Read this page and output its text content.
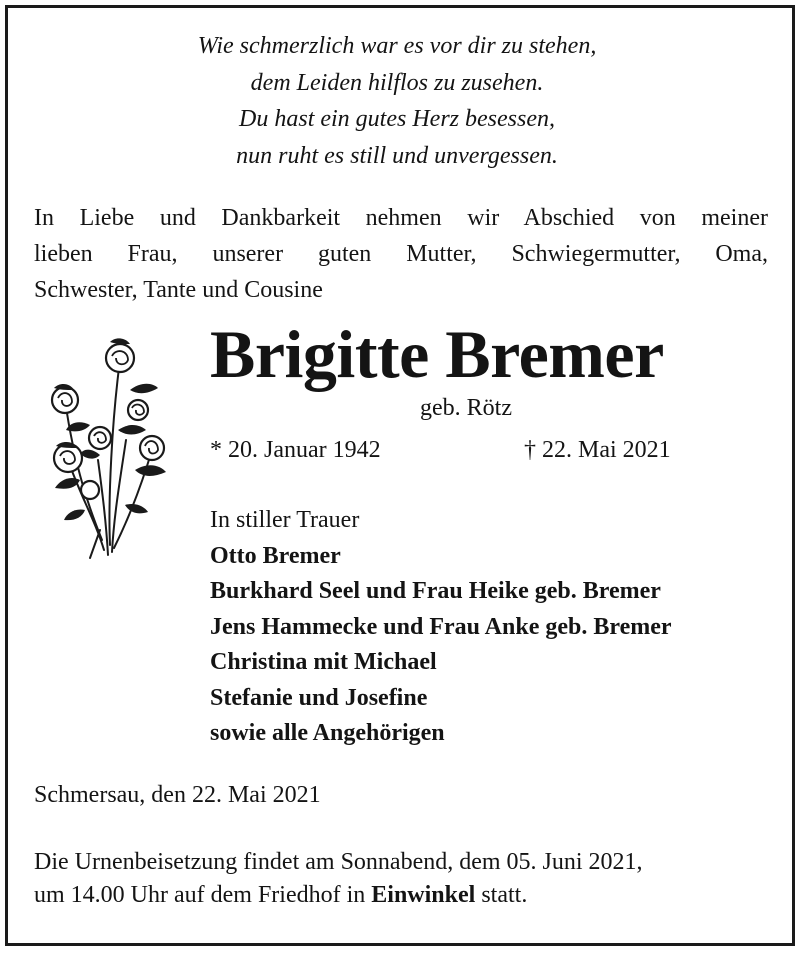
Wie schmerzlich war es vor dir zu stehen,
dem Leiden hilflos zu zusehen.
Du hast ein gutes Herz besessen,
nun ruht es still und unvergessen.
In Liebe und Dankbarkeit nehmen wir Abschied von meiner
lieben Frau, unserer guten Mutter, Schwiegermutter, Oma,
Schwester, Tante und Cousine
Brigitte Bremer
geb. Rötz
* 20. Januar 1942	† 22. Mai 2021
In stiller Trauer
Otto Bremer
Burkhard Seel und Frau Heike geb. Bremer
Jens Hammecke und Frau Anke geb. Bremer
Christina mit Michael
Stefanie und Josefine
sowie alle Angehörigen
Schmersau, den 22. Mai 2021
Die Urnenbeisetzung findet am Sonnabend, dem 05. Juni 2021,
um 14.00 Uhr auf dem Friedhof in Einwinkel statt.
